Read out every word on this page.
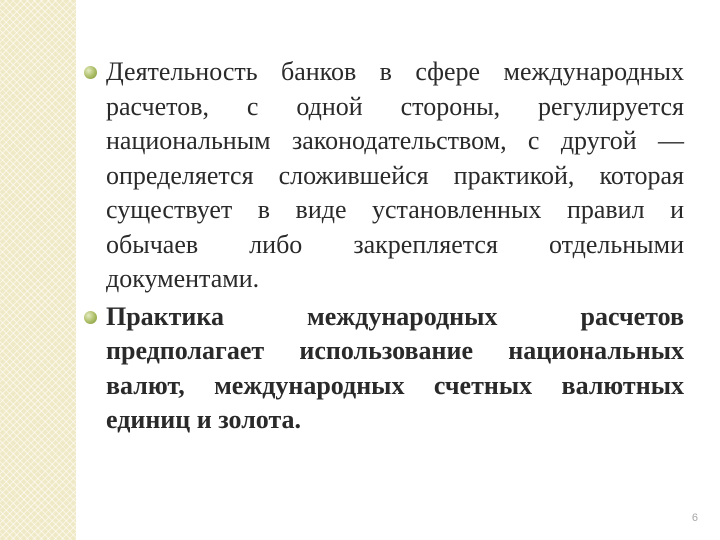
Деятельность банков в сфере международных расчетов, с одной стороны, регулируется национальным законодательством, с другой — определяется сложившейся практикой, которая существует в виде установленных правил и обычаев либо закрепляется отдельными документами.
Практика международных расчетов предполагает использование национальных валют, международных счетных валютных единиц и золота.
6
